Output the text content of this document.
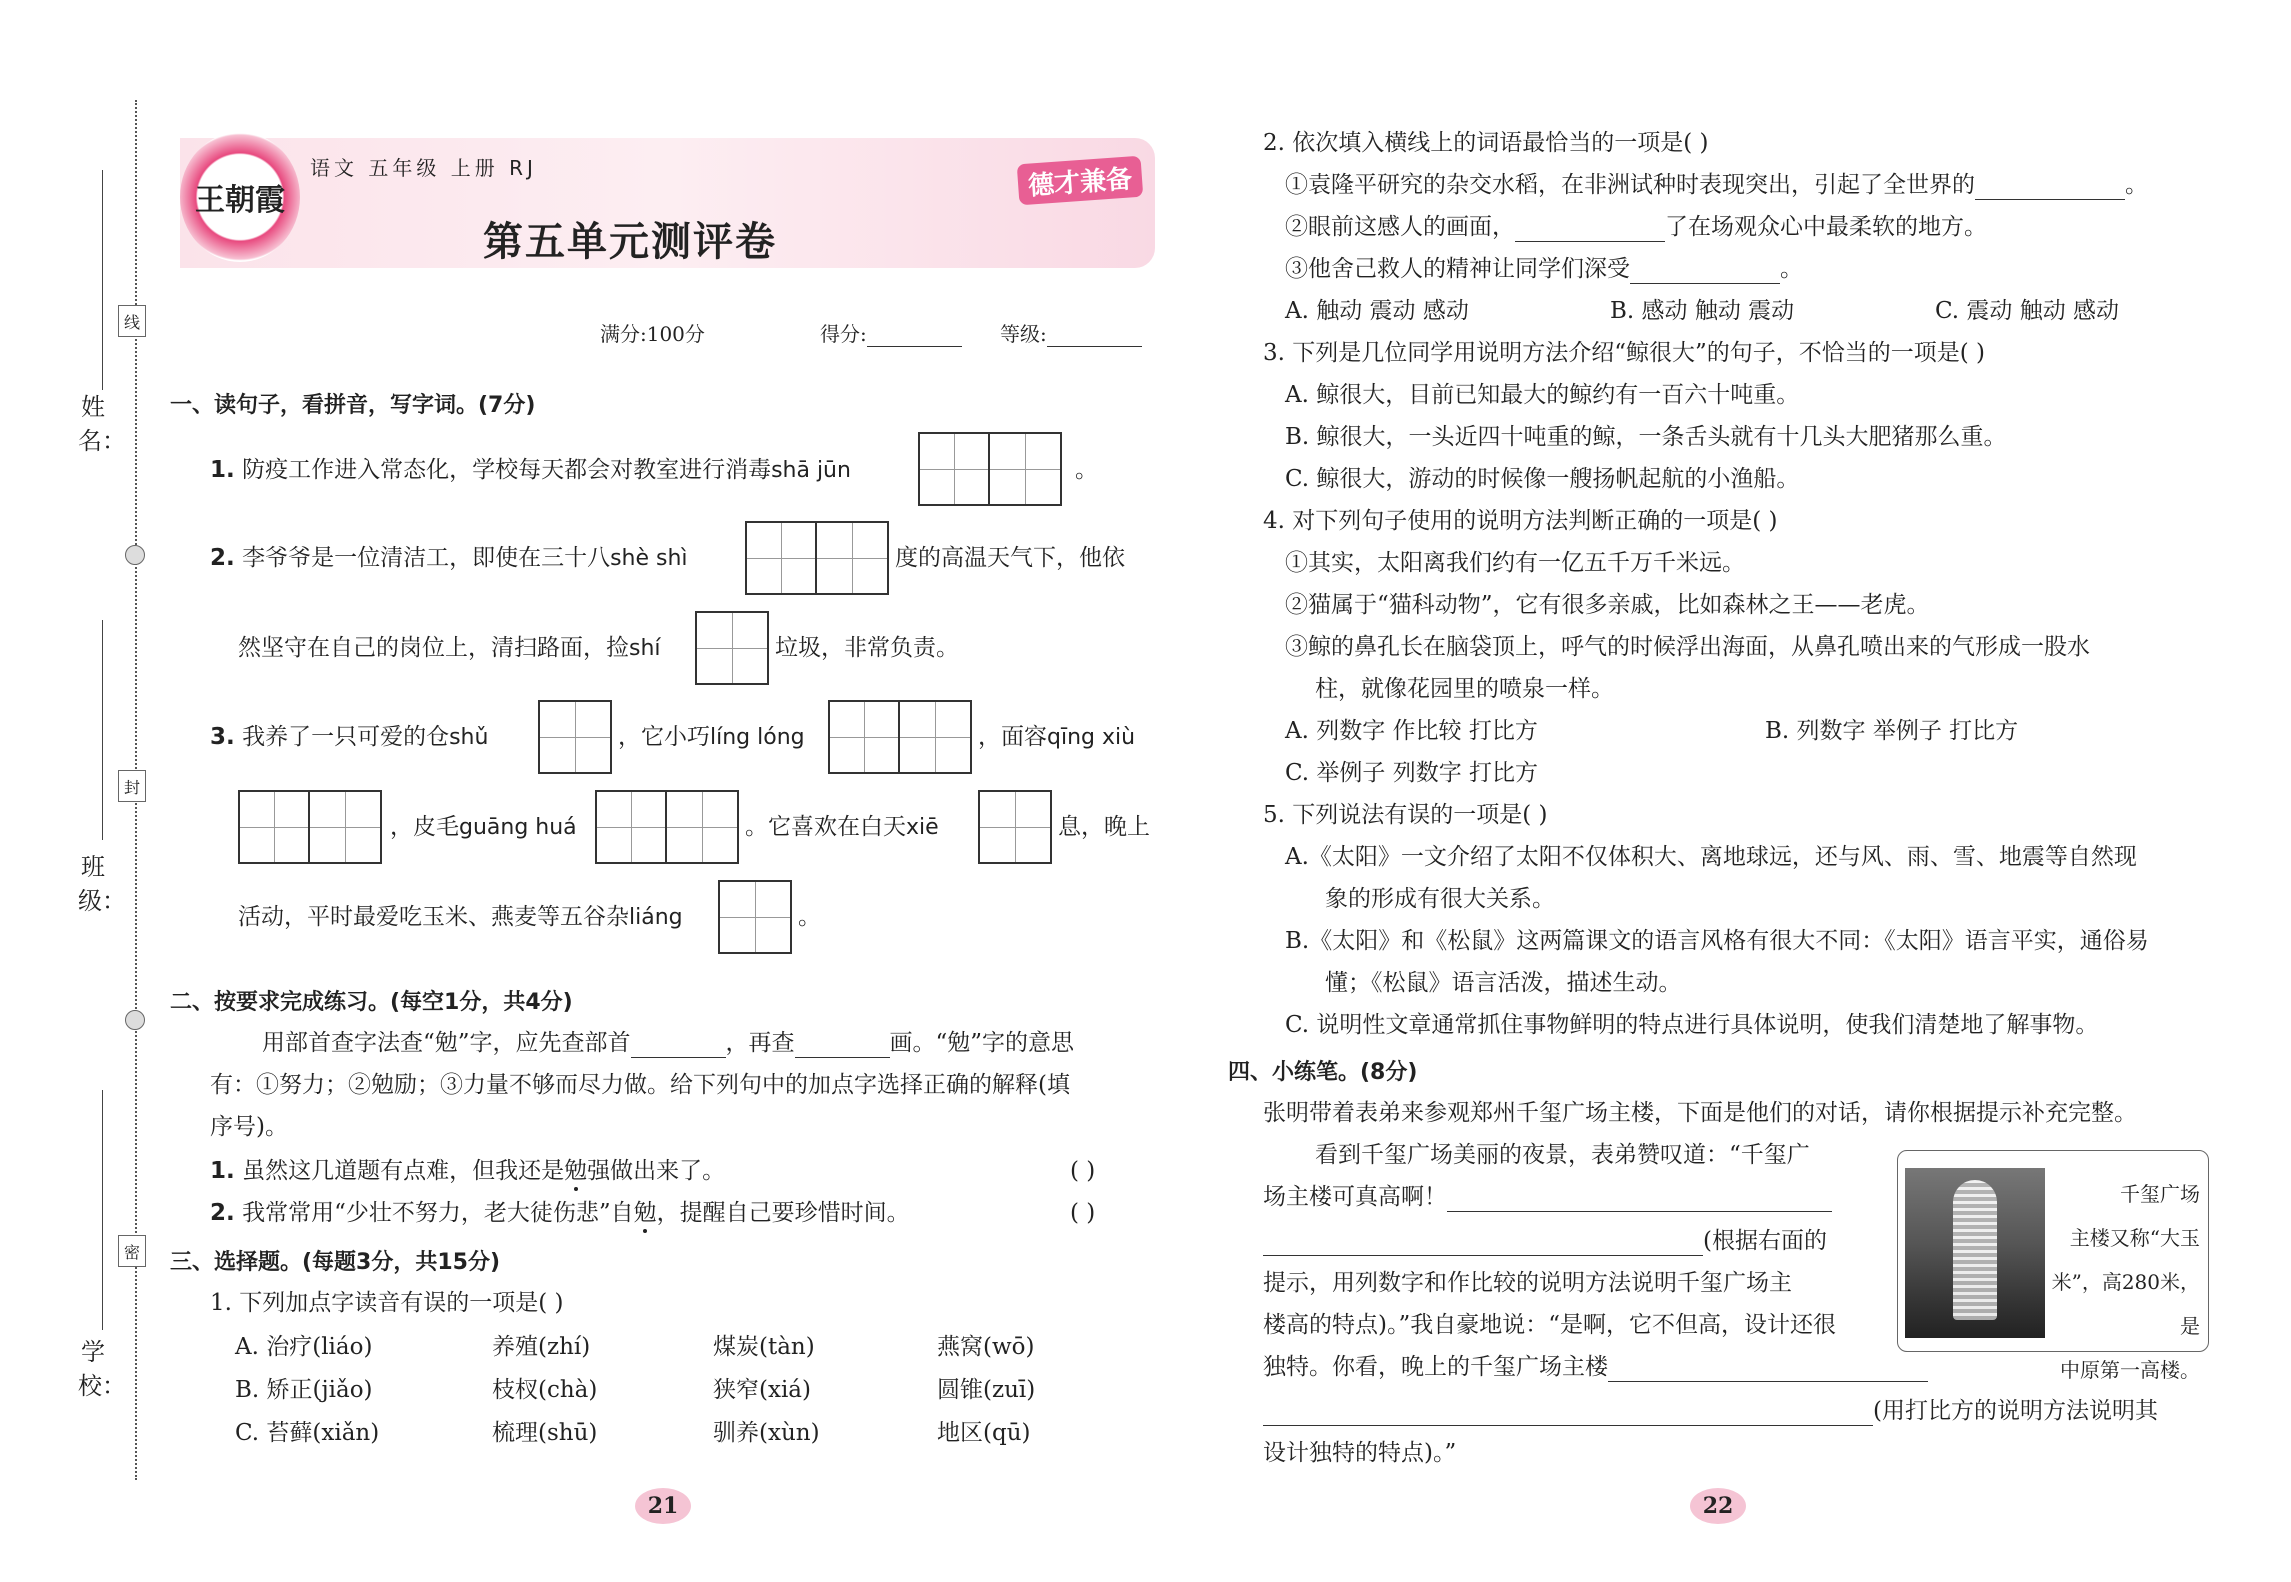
姓 名：
班 级：
学 校：
线
封
密
王朝霞
语文 五年级 上册 RJ
第五单元测评卷
德才兼备
满分:100分	得分:	等级:
一、读句子，看拼音，写字词。(7分)
1. 防疫工作进入常态化，学校每天都会对教室进行消毒shā jūn	。
2. 李爷爷是一位清洁工，即使在三十八shè shì	度的高温天气下，他依
然坚守在自己的岗位上，清扫路面，捡shí	垃圾，非常负责。
3. 我养了一只可爱的仓shǔ	，它小巧líng lóng	，面容qīng xiù
，皮毛guāng huá	。它喜欢在白天xiē	息，晚上
活动，平时最爱吃玉米、燕麦等五谷杂liáng	。
二、按要求完成练习。(每空1分，共4分)
用部首查字法查“勉”字，应先查部首	，再查	画。“勉”字的意思
有：①努力；②勉励；③力量不够而尽力做。给下列句中的加点字选择正确的解释(填
序号)。
1. 虽然这几道题有点难，但我还是勉强做出来了。	( )
2. 我常常用“少壮不努力，老大徒伤悲”自勉，提醒自己要珍惜时间。	( )
三、选择题。(每题3分，共15分)
1. 下列加点字读音有误的一项是( )
A. 治疗(liáo)	养殖(zhí)	煤炭(tàn)	燕窝(wō)
B. 矫正(jiǎo)	枝杈(chà)	狭窄(xiá)	圆锥(zuī)
C. 苔藓(xiǎn)	梳理(shū)	驯养(xùn)	地区(qū)
2. 依次填入横线上的词语最恰当的一项是( )
①袁隆平研究的杂交水稻，在非洲试种时表现突出，引起了全世界的	。
②眼前这感人的画面，	了在场观众心中最柔软的地方。
③他舍己救人的精神让同学们深受	。
A. 触动 震动 感动	B. 感动 触动 震动	C. 震动 触动 感动
3. 下列是几位同学用说明方法介绍“鲸很大”的句子，不恰当的一项是( )
A. 鲸很大，目前已知最大的鲸约有一百六十吨重。
B. 鲸很大，一头近四十吨重的鲸，一条舌头就有十几头大肥猪那么重。
C. 鲸很大，游动的时候像一艘扬帆起航的小渔船。
4. 对下列句子使用的说明方法判断正确的一项是( )
①其实，太阳离我们约有一亿五千万千米远。
②猫属于“猫科动物”，它有很多亲戚，比如森林之王——老虎。
③鲸的鼻孔长在脑袋顶上，呼气的时候浮出海面，从鼻孔喷出来的气形成一股水
柱，就像花园里的喷泉一样。
A. 列数字 作比较 打比方	B. 列数字 举例子 打比方
C. 举例子 列数字 打比方
5. 下列说法有误的一项是( )
A.《太阳》一文介绍了太阳不仅体积大、离地球远，还与风、雨、雪、地震等自然现
象的形成有很大关系。
B.《太阳》和《松鼠》这两篇课文的语言风格有很大不同：《太阳》语言平实，通俗易
懂；《松鼠》语言活泼，描述生动。
C. 说明性文章通常抓住事物鲜明的特点进行具体说明，使我们清楚地了解事物。
四、小练笔。(8分)
张明带着表弟来参观郑州千玺广场主楼，下面是他们的对话，请你根据提示补充完整。
看到千玺广场美丽的夜景，表弟赞叹道：“千玺广
场主楼可真高啊！
(根据右面的
提示，用列数字和作比较的说明方法说明千玺广场主
楼高的特点)。”我自豪地说：“是啊，它不但高，设计还很
独特。你看，晚上的千玺广场主楼
(用打比方的说明方法说明其
设计独特的特点)。”
千玺广场
主楼又称“大玉
米”，高280米，是
中原第一高楼。
21	22
